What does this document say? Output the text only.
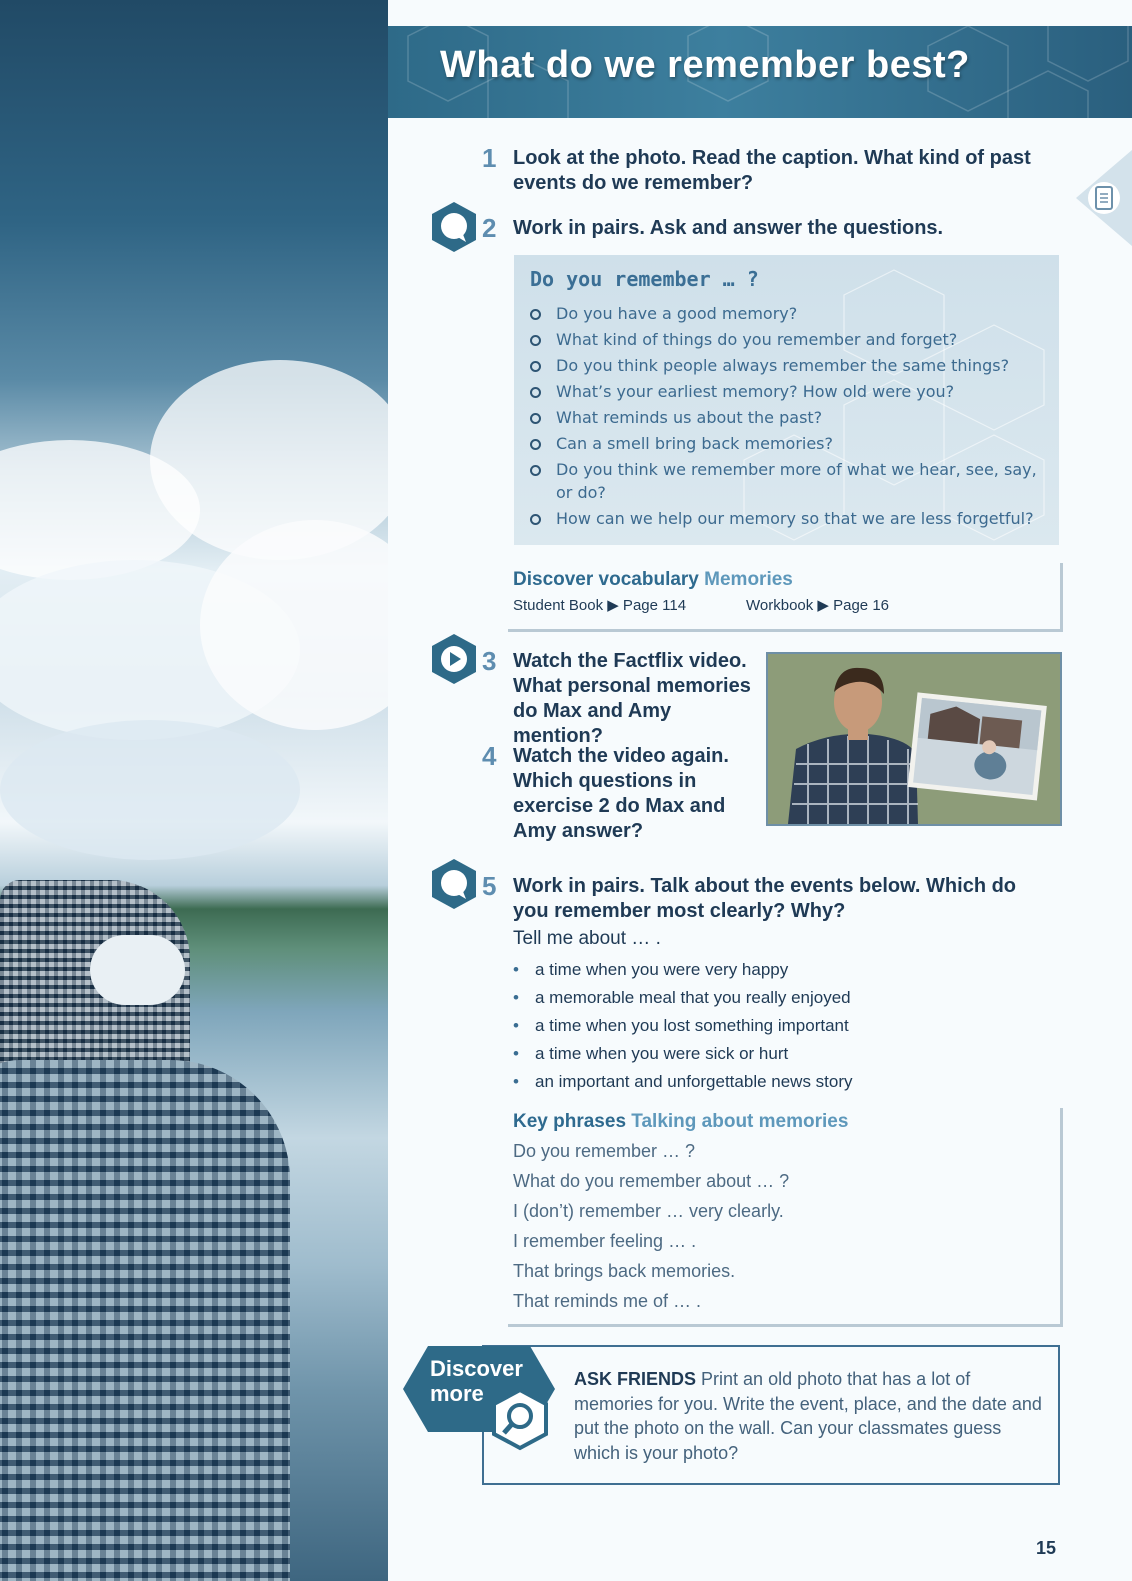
What do we remember best?
1 Look at the photo. Read the caption. What kind of past events do we remember?
2 Work in pairs. Ask and answer the questions.
Do you remember … ?
Do you have a good memory?
What kind of things do you remember and forget?
Do you think people always remember the same things?
What’s your earliest memory? How old were you?
What reminds us about the past?
Can a smell bring back memories?
Do you think we remember more of what we hear, see, say, or do?
How can we help our memory so that we are less forgetful?
Discover vocabulary Memories
Student Book ▶ Page 114	Workbook ▶ Page 16
3 Watch the Factflix video. What personal memories do Max and Amy mention?
4 Watch the video again. Which questions in exercise 2 do Max and Amy answer?
5 Work in pairs. Talk about the events below. Which do you remember most clearly? Why?
Tell me about … .
• a time when you were very happy
• a memorable meal that you really enjoyed
• a time when you lost something important
• a time when you were sick or hurt
• an important and unforgettable news story
Key phrases Talking about memories
Do you remember … ?
What do you remember about … ?
I (don’t) remember … very clearly.
I remember feeling … .
That brings back memories.
That reminds me of … .
ASK FRIENDS Print an old photo that has a lot of memories for you. Write the event, place, and the date and put the photo on the wall. Can your classmates guess which is your photo?
Discover
more
15
